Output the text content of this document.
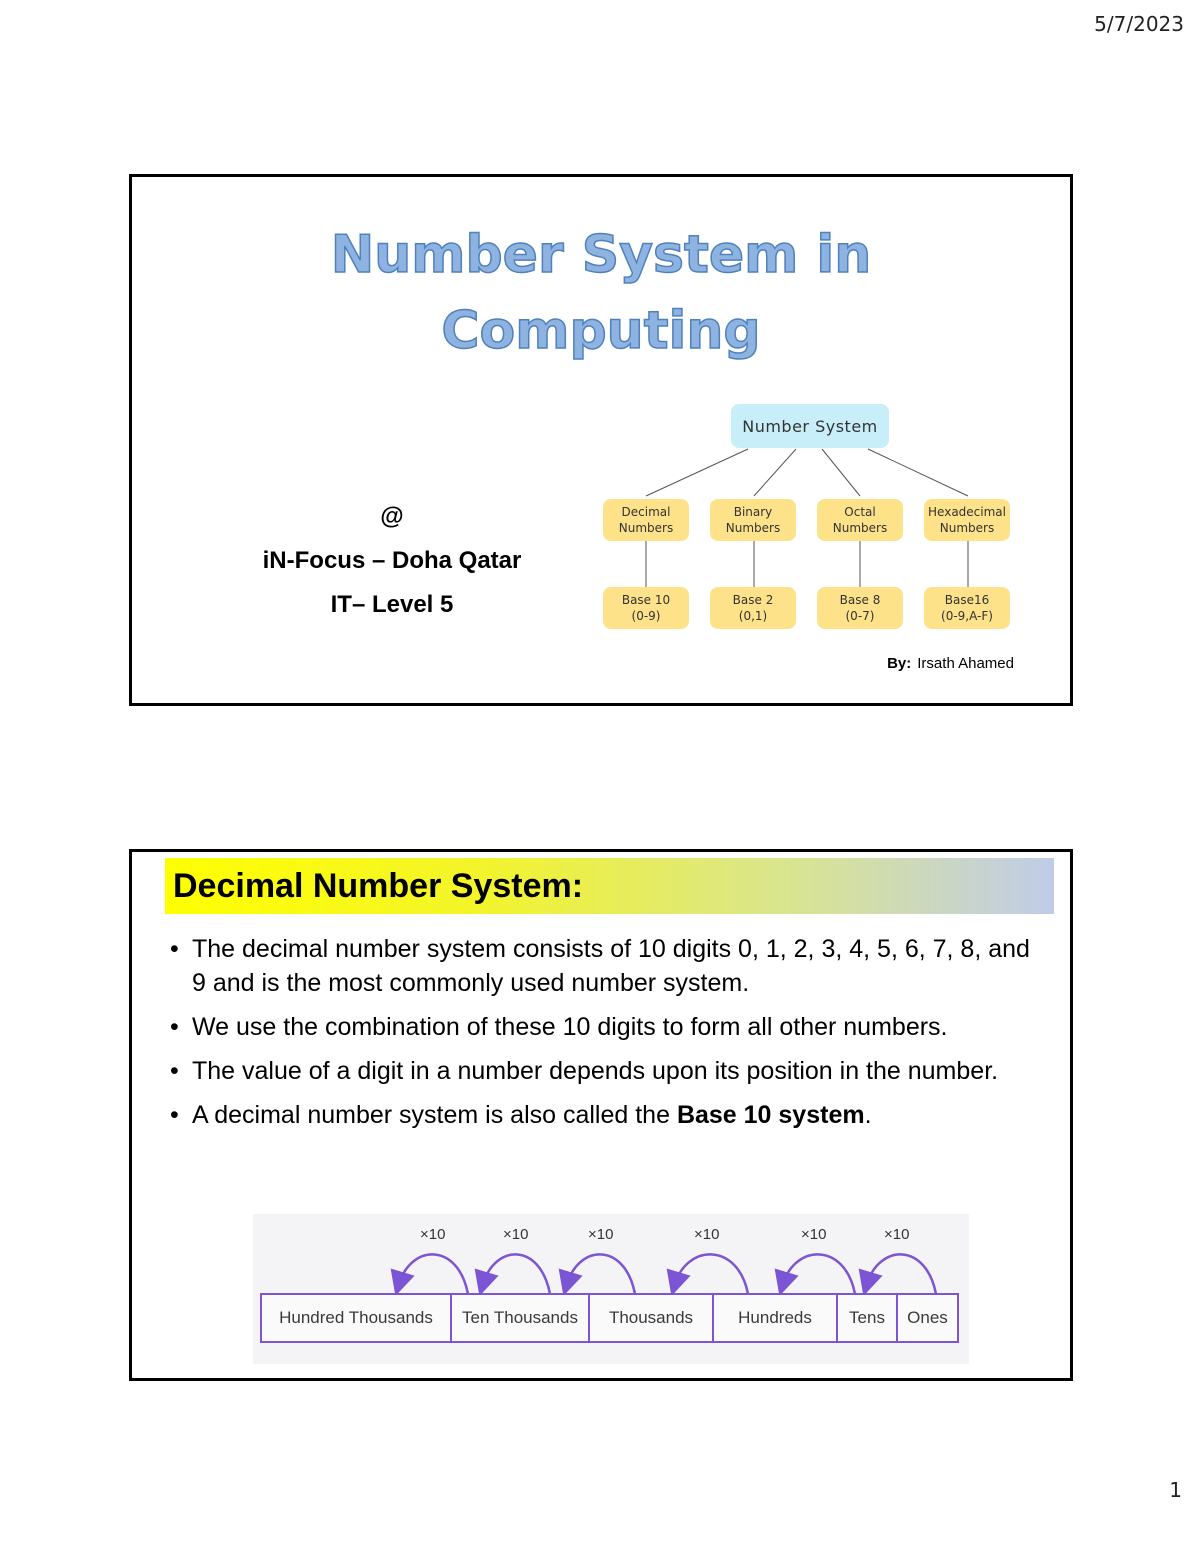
5/7/2023
Number System in
Computing
@
iN-Focus – Doha Qatar
IT– Level 5
Number System
Decimal
Numbers
Binary
Numbers
Octal
Numbers
Hexadecimal
Numbers
Base 10
(0-9)
Base 2
(0,1)
Base 8
(0-7)
Base16
(0-9,A-F)
By: Irsath Ahamed
Decimal Number System:
• The decimal number system consists of 10 digits 0, 1, 2, 3, 4, 5, 6, 7, 8, and 9 and is the most commonly used number system.
• We use the combination of these 10 digits to form all other numbers.
• The value of a digit in a number depends upon its position in the number.
• A decimal number system is also called the Base 10 system.
×10	×10	×10	×10	×10	×10
Hundred Thousands	Ten Thousands	Thousands	Hundreds	Tens	Ones
1
